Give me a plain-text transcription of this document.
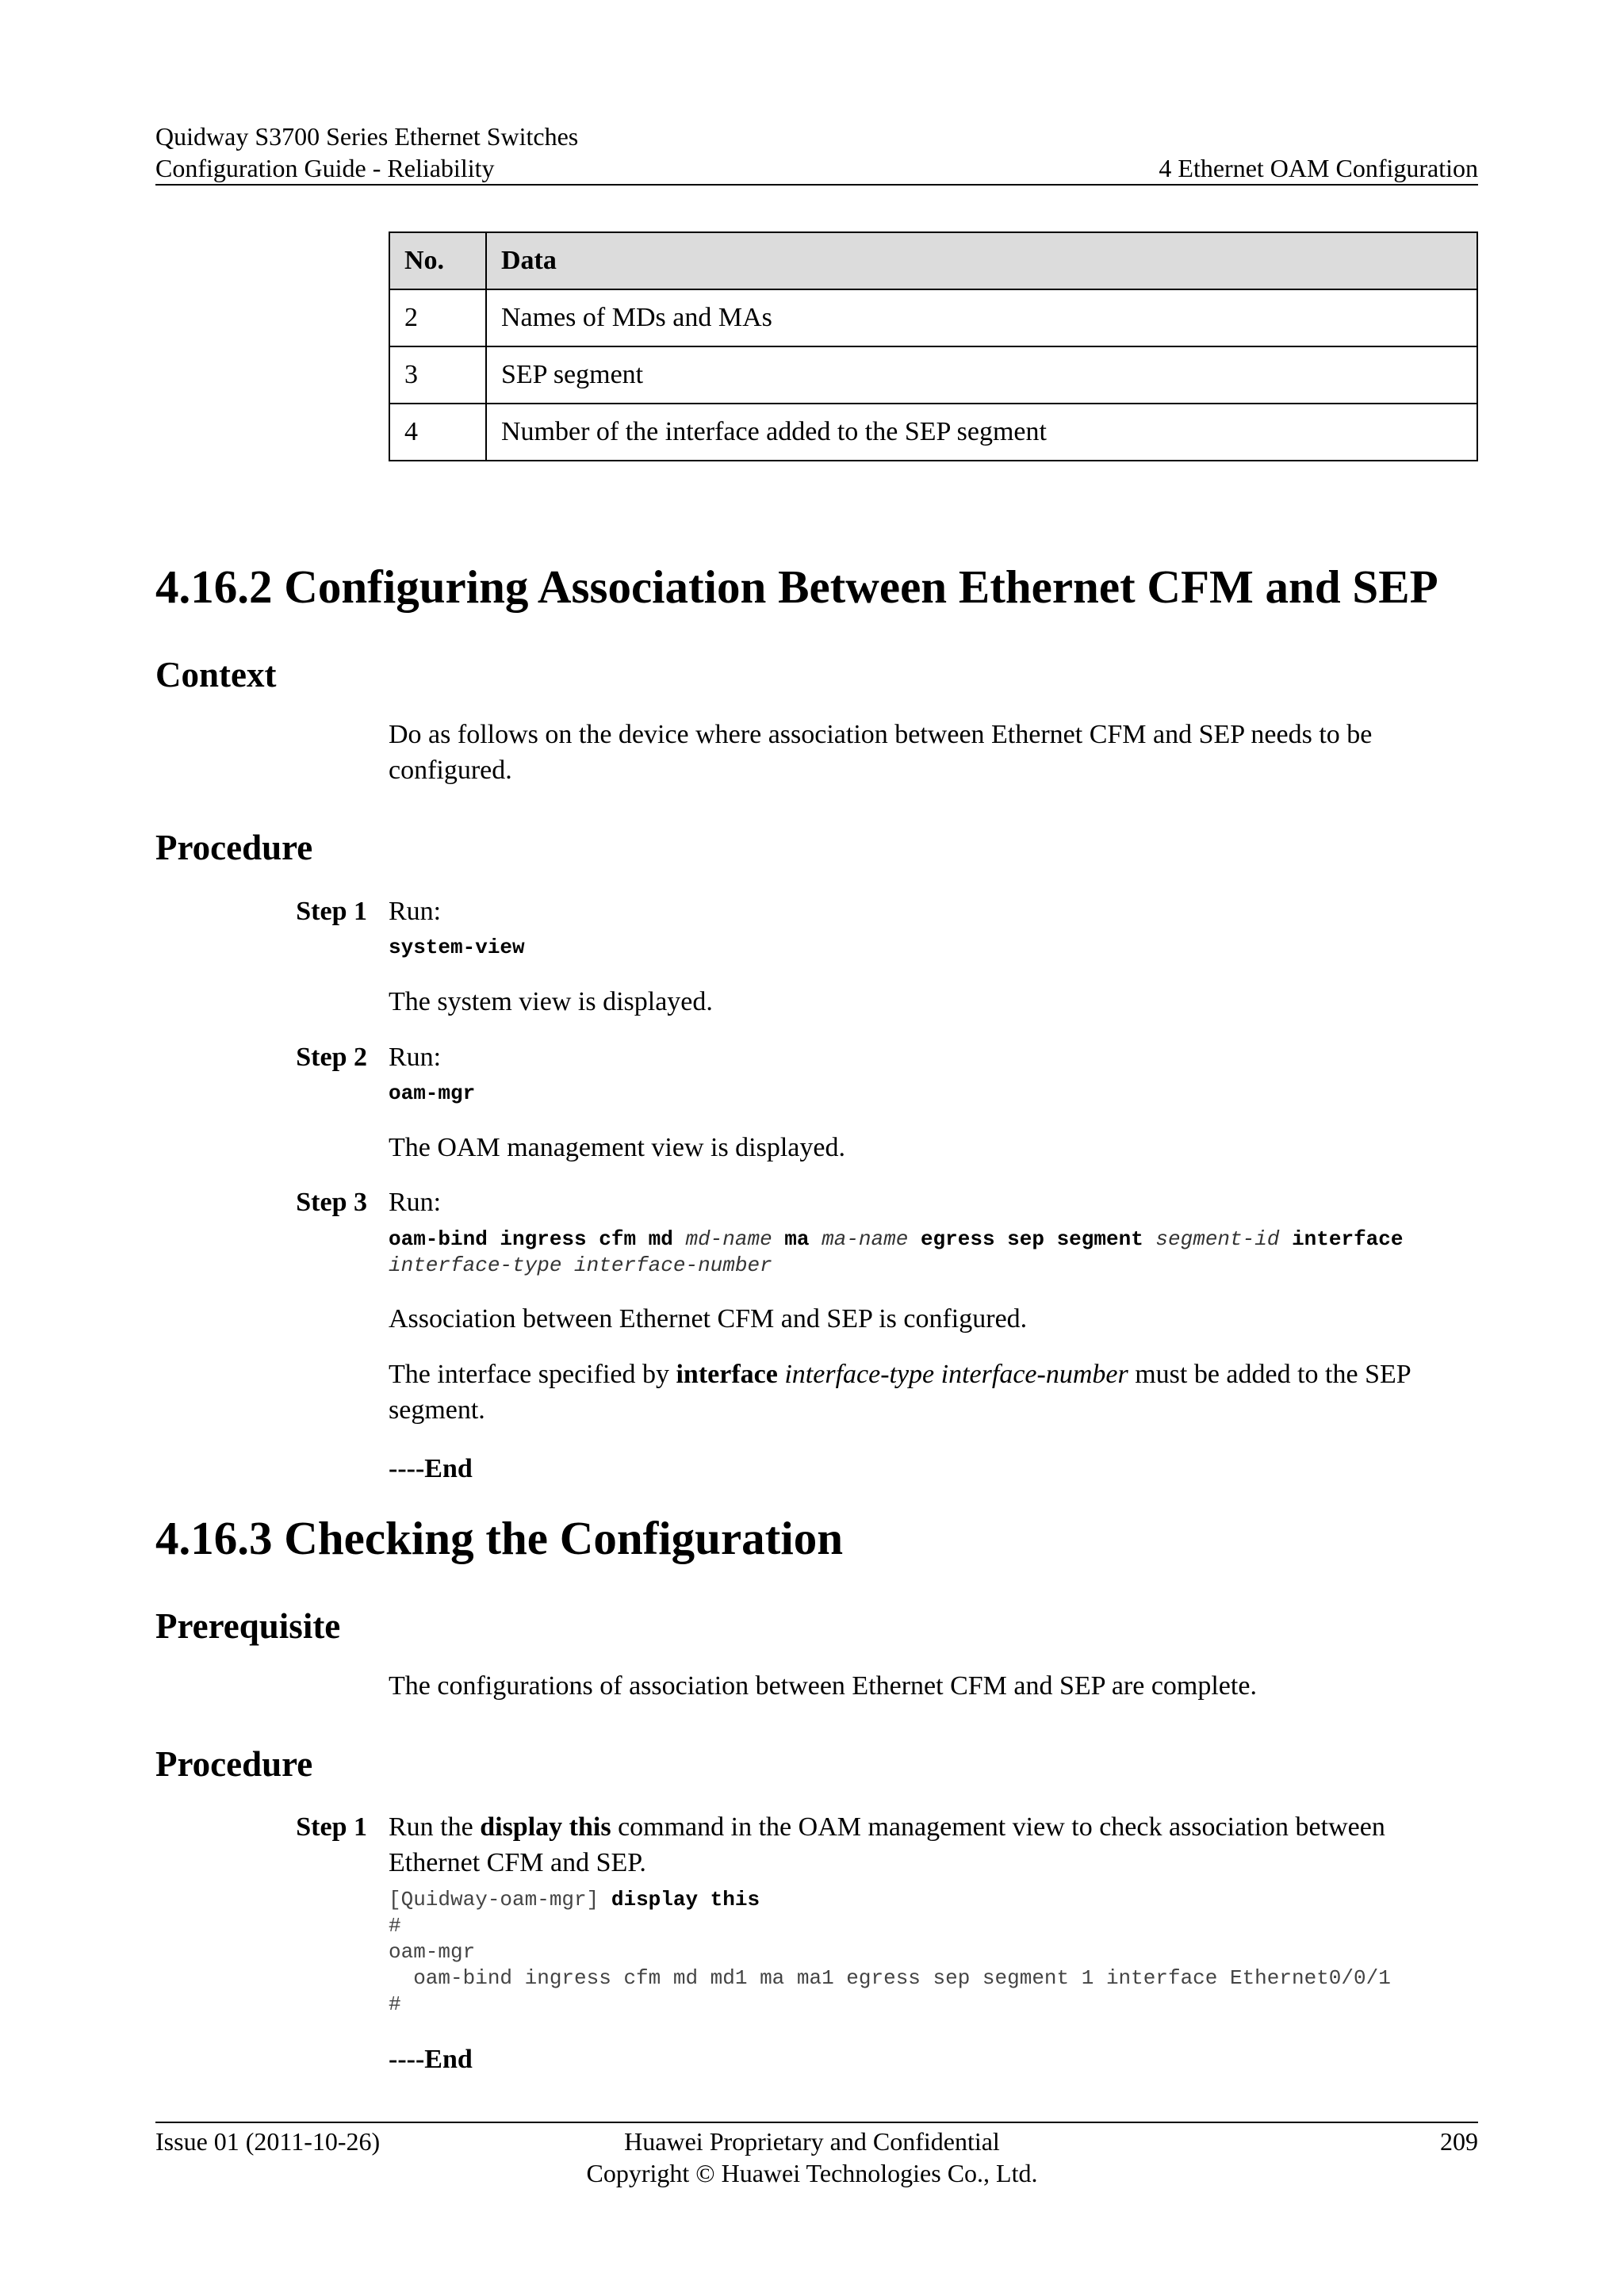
Quidway S3700 Series Ethernet Switches
Configuration Guide - Reliability	4 Ethernet OAM Configuration
No.	Data
2	Names of MDs and MAs
3	SEP segment
4	Number of the interface added to the SEP segment
4.16.2 Configuring Association Between Ethernet CFM and SEP
Context
Do as follows on the device where association between Ethernet CFM and SEP needs to be
configured.
Procedure
Step 1 Run:
system-view
The system view is displayed.
Step 2 Run:
oam-mgr
The OAM management view is displayed.
Step 3 Run:
oam-bind ingress cfm md md-name ma ma-name egress sep segment segment-id interface
interface-type interface-number
Association between Ethernet CFM and SEP is configured.
The interface specified by interface interface-type interface-number must be added to the SEP
segment.
----End
4.16.3 Checking the Configuration
Prerequisite
The configurations of association between Ethernet CFM and SEP are complete.
Procedure
Step 1 Run the display this command in the OAM management view to check association between
Ethernet CFM and SEP.
[Quidway-oam-mgr] display this
#
oam-mgr
oam-bind ingress cfm md md1 ma ma1 egress sep segment 1 interface Ethernet0/0/1
#
----End
Issue 01 (2011-10-26)	Huawei Proprietary and Confidential
Copyright © Huawei Technologies Co., Ltd.
209
